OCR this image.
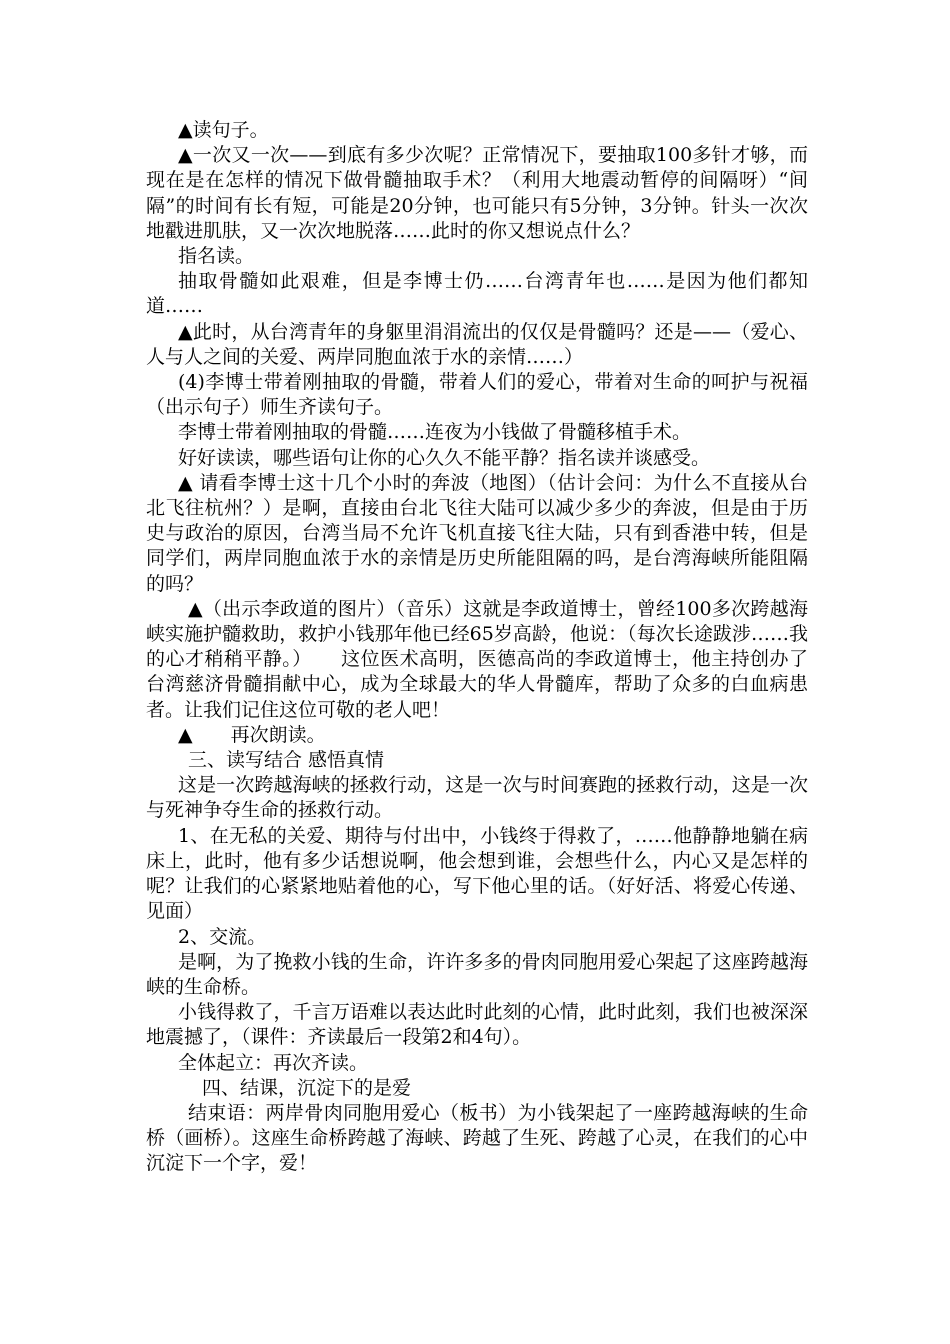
▲读句子。

▲一次又一次——到底有多少次呢？正常情况下，要抽取100多针才够，而现在是在怎样的情况下做骨髓抽取手术？（利用大地震动暂停的间隔呀）“间隔”的时间有长有短，可能是20分钟，也可能只有5分钟，3分钟。针头一次次地戳进肌肤，又一次次地脱落……此时的你又想说点什么？

指名读。

抽取骨髓如此艰难，但是李博士仍……台湾青年也……是因为他们都知道……

▲此时，从台湾青年的身躯里涓涓流出的仅仅是骨髓吗？还是——（爱心、人与人之间的关爱、两岸同胞血浓于水的亲情……）

(4)李博士带着刚抽取的骨髓，带着人们的爱心，带着对生命的呵护与祝福（出示句子）师生齐读句子。

李博士带着刚抽取的骨髓……连夜为小钱做了骨髓移植手术。

好好读读，哪些语句让你的心久久不能平静？指名读并谈感受。

▲ 请看李博士这十几个小时的奔波（地图）（估计会问：为什么不直接从台北飞往杭州？）是啊，直接由台北飞往大陆可以减少多少的奔波，但是由于历史与政治的原因，台湾当局不允许飞机直接飞往大陆，只有到香港中转，但是同学们，两岸同胞血浓于水的亲情是历史所能阻隔的吗，是台湾海峡所能阻隔的吗？

▲（出示李政道的图片）（音乐）这就是李政道博士，曾经100多次跨越海峡实施护髓救助，救护小钱那年他已经65岁高龄，他说：（每次长途跋涉……我的心才稍稍平静。）　　这位医术高明，医德高尚的李政道博士，他主持创办了台湾慈济骨髓捐献中心，成为全球最大的华人骨髓库，帮助了众多的白血病患者。让我们记住这位可敬的老人吧！

▲　　再次朗读。

三、读写结合 感悟真情

这是一次跨越海峡的拯救行动，这是一次与时间赛跑的拯救行动，这是一次与死神争夺生命的拯救行动。

1、在无私的关爱、期待与付出中，小钱终于得救了，……他静静地躺在病床上，此时，他有多少话想说啊，他会想到谁，会想些什么，内心又是怎样的呢？让我们的心紧紧地贴着他的心，写下他心里的话。（好好活、将爱心传递、见面）

2、交流。

是啊，为了挽救小钱的生命，许许多多的骨肉同胞用爱心架起了这座跨越海峡的生命桥。

小钱得救了，千言万语难以表达此时此刻的心情，此时此刻，我们也被深深地震撼了，（课件：齐读最后一段第2和4句）。

全体起立：再次齐读。

四、结课，沉淀下的是爱

结束语：两岸骨肉同胞用爱心（板书）为小钱架起了一座跨越海峡的生命桥（画桥）。这座生命桥跨越了海峡、跨越了生死、跨越了心灵，在我们的心中沉淀下一个字，爱！
